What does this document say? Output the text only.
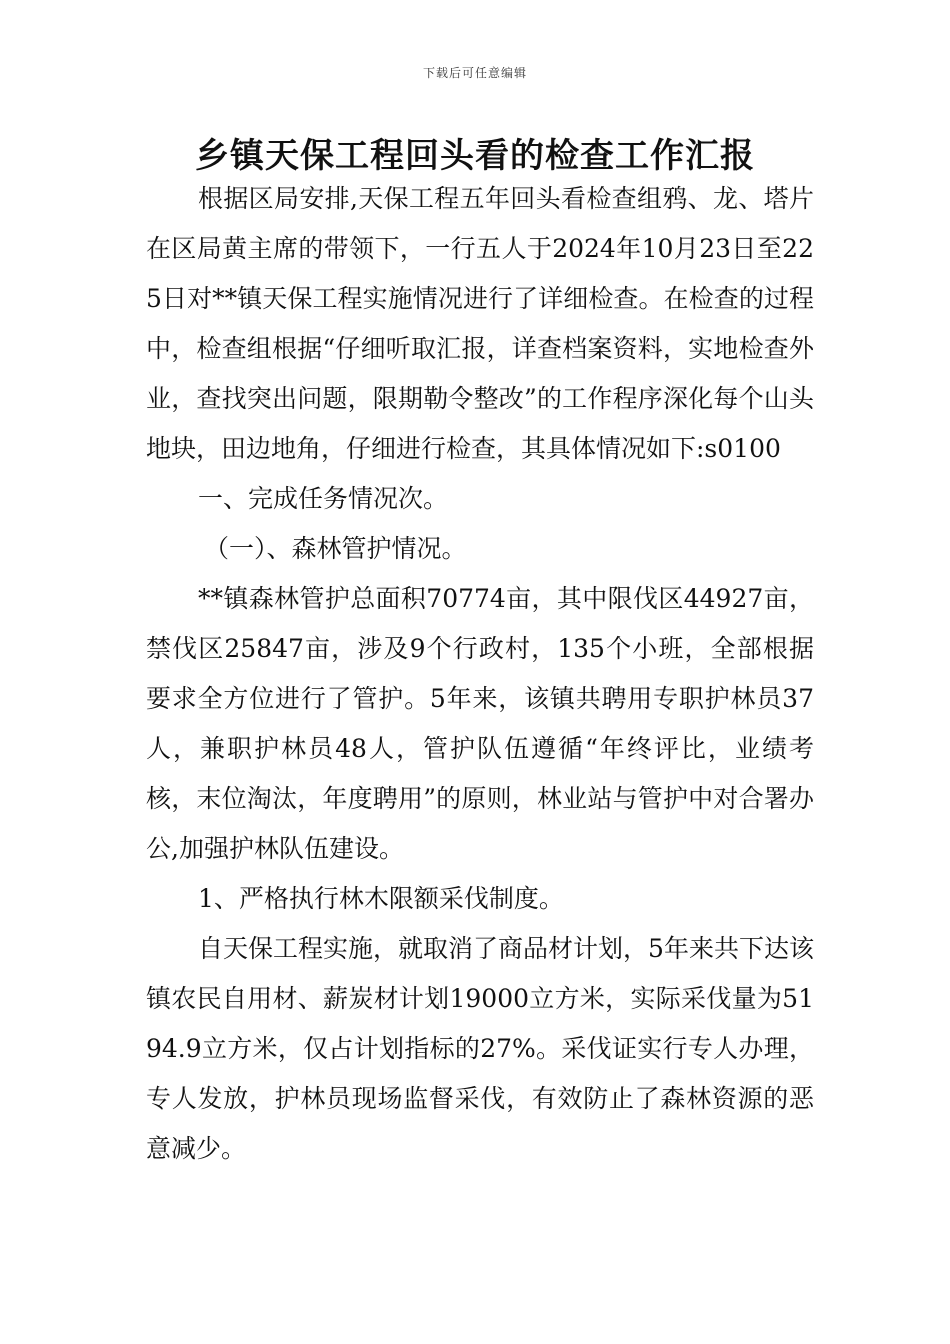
下载后可任意编辑
乡镇天保工程回头看的检查工作汇报

根据区局安排,天保工程五年回头看检查组鸦、龙、塔片在区局黄主席的带领下，一行五人于2024年10月23日至225日对**镇天保工程实施情况进行了详细检查。在检查的过程中，检查组根据“仔细听取汇报，详查档案资料，实地检查外业，查找突出问题，限期勒令整改”的工作程序深化每个山头地块，田边地角，仔细进行检查，其具体情况如下:s0100

一、完成任务情况次。

（一）、森林管护情况。

**镇森林管护总面积70774亩，其中限伐区44927亩，禁伐区25847亩，涉及9个行政村，135个小班，全部根据要求全方位进行了管护。5年来，该镇共聘用专职护林员37人，兼职护林员48人，管护队伍遵循“年终评比，业绩考核，末位淘汰，年度聘用”的原则，林业站与管护中对合署办公,加强护林队伍建设。

1、严格执行林木限额采伐制度。

自天保工程实施，就取消了商品材计划，5年来共下达该镇农民自用材、薪炭材计划19000立方米，实际采伐量为5194.9立方米，仅占计划指标的27%。采伐证实行专人办理，专人发放，护林员现场监督采伐，有效防止了森林资源的恶意减少。
